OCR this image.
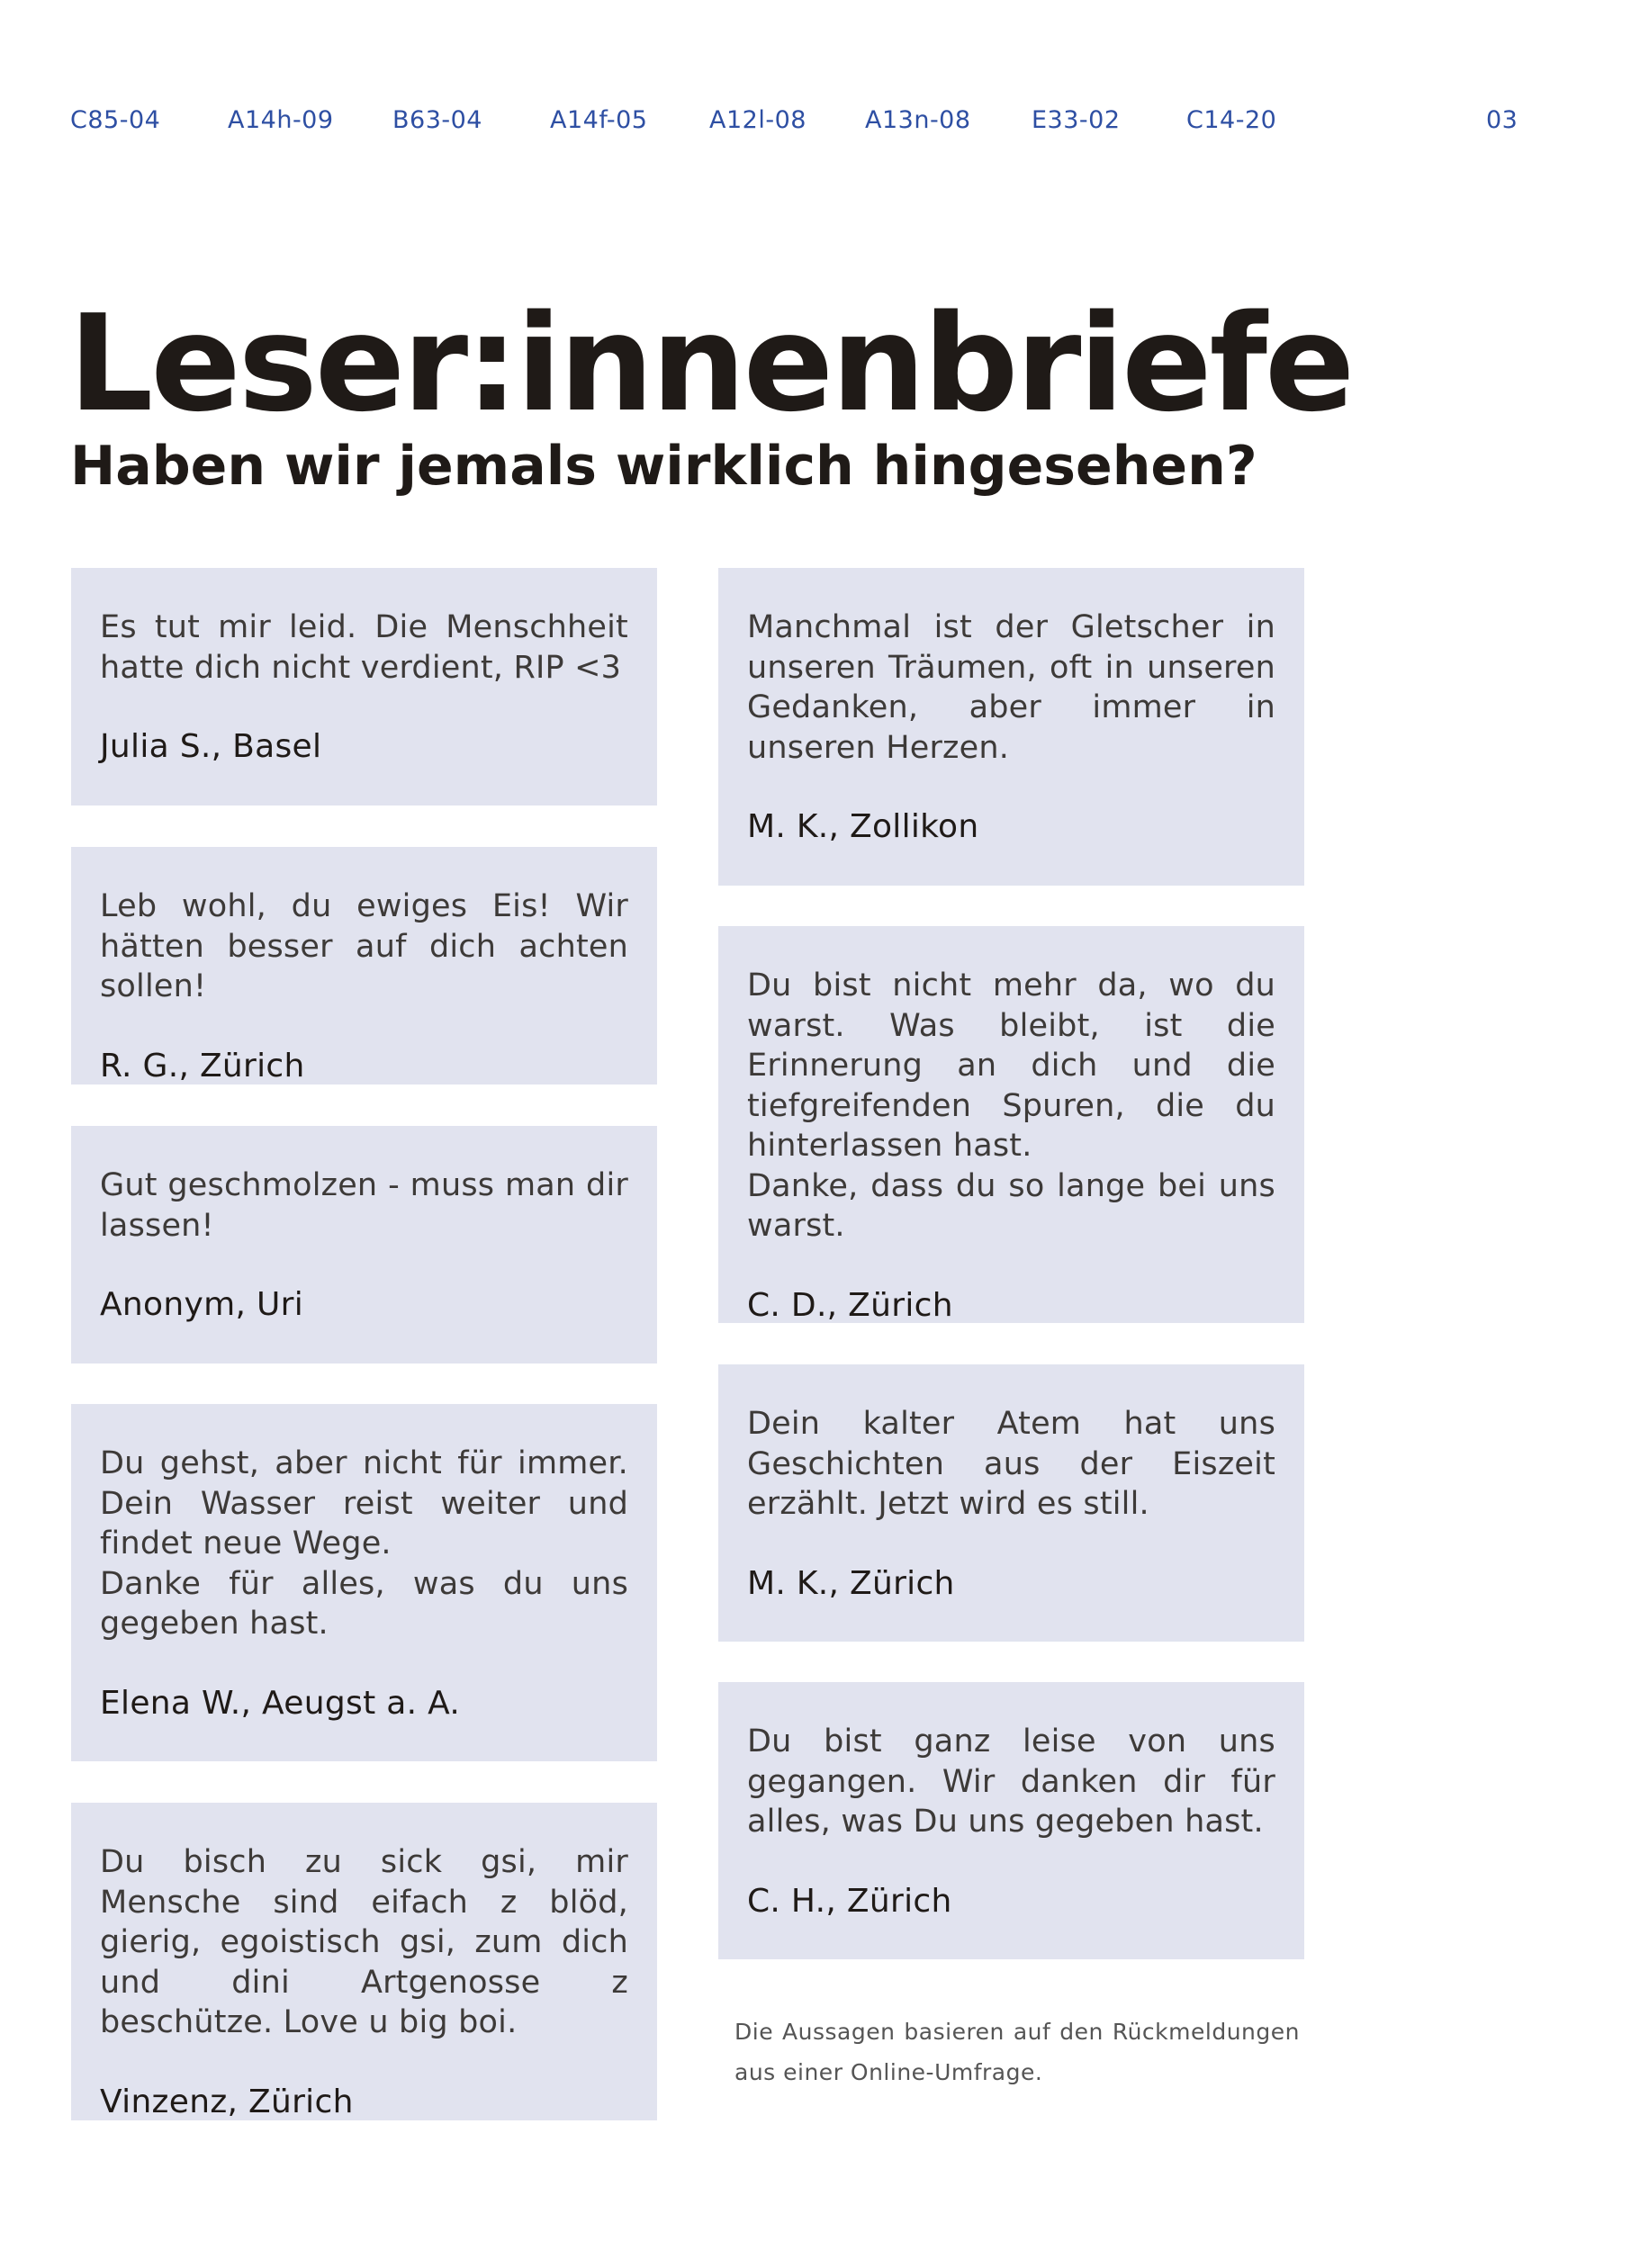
C85-04	A14h-09 B63-04	A14f-05	A12l-08 A13n-08 E33-02	C14-20	03
Leser:innenbriefe
Haben wir jemals wirklich hingesehen?
Es tut mir leid. Die Menschheit hatte dich nicht verdient, RIP <3
Julia S., Basel
Leb wohl, du ewiges Eis! Wir hätten besser auf dich achten sollen!
R. G., Zürich
Gut geschmolzen - muss man dir lassen!
Anonym, Uri
Du gehst, aber nicht für immer. Dein Wasser reist weiter und findet neue Wege.
Danke für alles, was du uns gegeben hast.
Elena W., Aeugst a. A.
Du bisch zu sick gsi, mir Mensche sind eifach z blöd, gierig, egoistisch gsi, zum dich und dini Artgenosse z beschütze. Love u big boi.
Vinzenz, Zürich
Manchmal ist der Gletscher in unseren Träumen, oft in unseren Gedanken, aber immer in unseren Herzen.
M. K., Zollikon
Du bist nicht mehr da, wo du warst. Was bleibt, ist die Erinnerung an dich und die tiefgreifenden Spuren, die du hinterlassen hast.
Danke, dass du so lange bei uns warst.
C. D., Zürich
Dein kalter Atem hat uns Geschichten aus der Eiszeit erzählt. Jetzt wird es still.
M. K., Zürich
Du bist ganz leise von uns gegangen. Wir danken dir für alles, was Du uns gegeben hast.
C. H., Zürich
Die Aussagen basieren auf den Rückmeldungen aus einer Online-Umfrage.
